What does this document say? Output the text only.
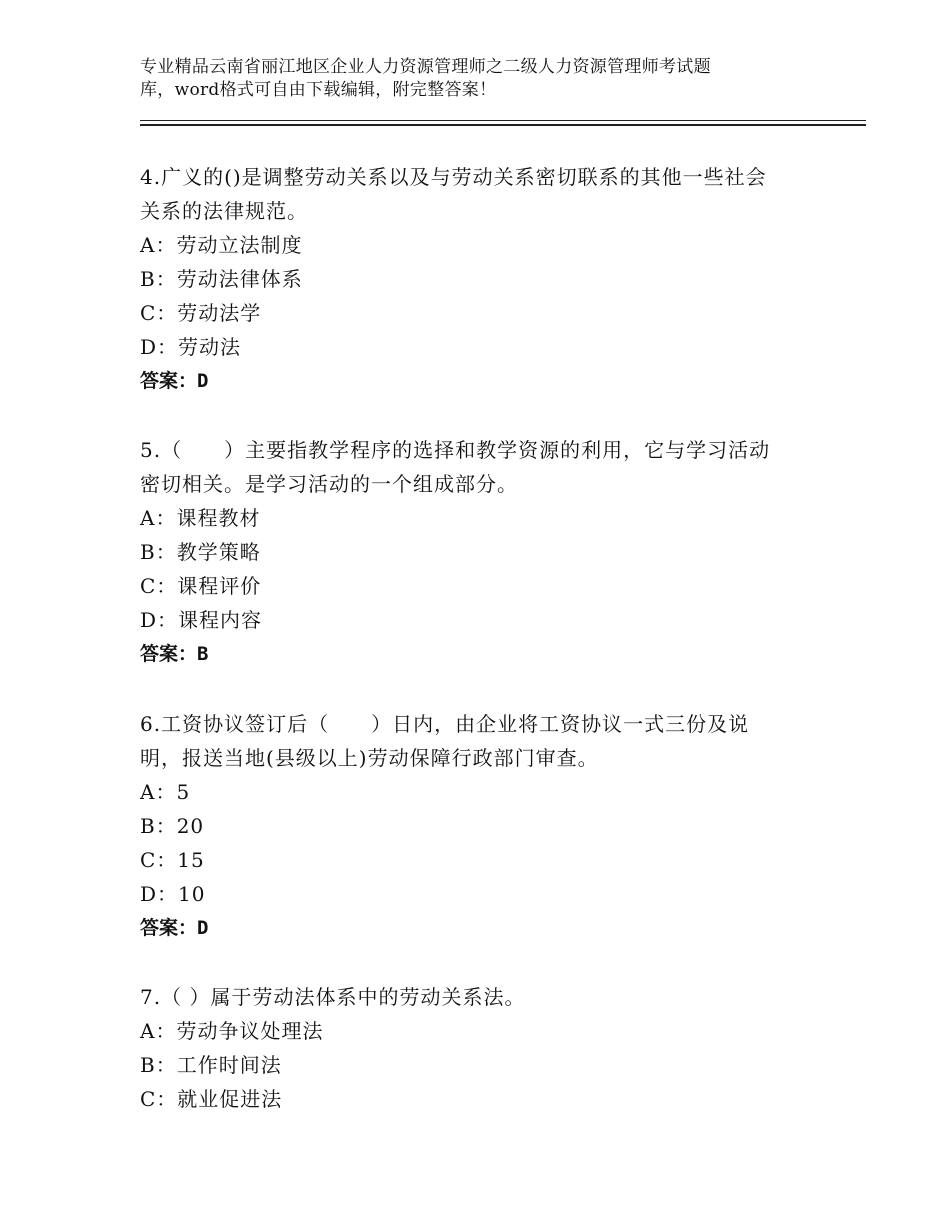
专业精品云南省丽江地区企业人力资源管理师之二级人力资源管理师考试题
库，word格式可自由下载编辑，附完整答案！

4.广义的()是调整劳动关系以及与劳动关系密切联系的其他一些社会
关系的法律规范。

A：劳动立法制度
B：劳动法律体系
C：劳动法学
D：劳动法
答案：D

5.（　　）主要指教学程序的选择和教学资源的利用，它与学习活动
密切相关。是学习活动的一个组成部分。

A：课程教材
B：教学策略
C：课程评价
D：课程内容
答案：B

6.工资协议签订后（　　）日内，由企业将工资协议一式三份及说
明，报送当地(县级以上)劳动保障行政部门审查。

A：5
B：20
C：15
D：10
答案：D

7.（ ）属于劳动法体系中的劳动关系法。

A：劳动争议处理法
B：工作时间法
C：就业促进法
